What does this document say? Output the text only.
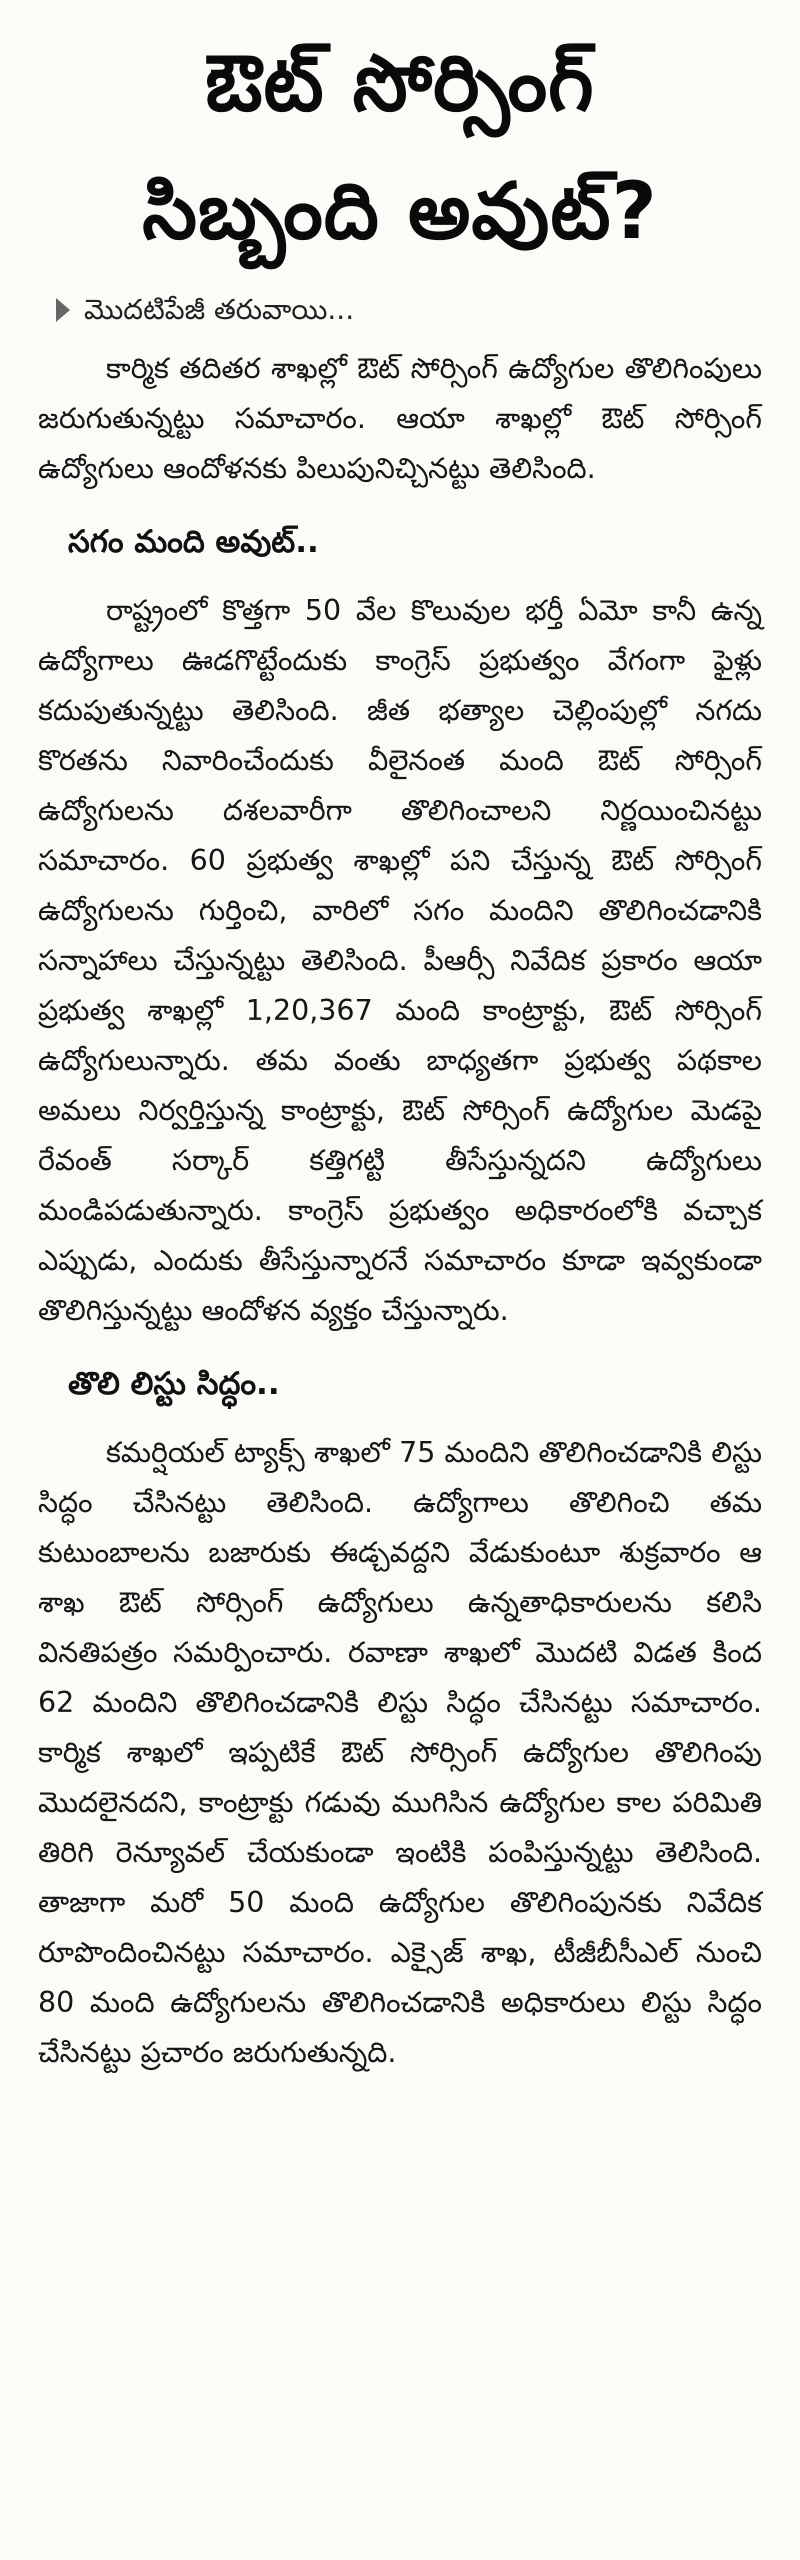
ఔట్ సోర్సింగ్
సిబ్బంది అవుట్?
మొదటిపేజీ తరువాయి...

కార్మిక తదితర శాఖల్లో ఔట్ సోర్సింగ్ ఉద్యోగుల తొలిగింపులు జరుగుతున్నట్టు సమాచారం. ఆయా శాఖల్లో ఔట్ సోర్సింగ్ ఉద్యోగులు ఆందోళనకు పిలుపునిచ్చినట్టు తెలిసింది.

సగం మంది అవుట్..

రాష్ట్రంలో కొత్తగా 50 వేల కొలువుల భర్తీ ఏమో కానీ ఉన్న ఉద్యోగాలు ఊడగొట్టేందుకు కాంగ్రెస్ ప్రభుత్వం వేగంగా ఫైళ్లు కదుపుతున్నట్టు తెలిసింది. జీత భత్యాల చెల్లింపుల్లో నగదు కొరతను నివారించేందుకు వీలైనంత మంది ఔట్ సోర్సింగ్ ఉద్యోగులను దశలవారీగా తొలిగించాలని నిర్ణయించినట్టు సమాచారం. 60 ప్రభుత్వ శాఖల్లో పని చేస్తున్న ఔట్ సోర్సింగ్ ఉద్యోగులను గుర్తించి, వారిలో సగం మందిని తొలిగించడానికి సన్నాహాలు చేస్తున్నట్టు తెలిసింది. పీఆర్సీ నివేదిక ప్రకారం ఆయా ప్రభుత్వ శాఖల్లో 1,20,367 మంది కాంట్రాక్టు, ఔట్ సోర్సింగ్ ఉద్యోగులున్నారు. తమ వంతు బాధ్యతగా ప్రభుత్వ పథకాల అమలు నిర్వర్తిస్తున్న కాంట్రాక్టు, ఔట్ సోర్సింగ్ ఉద్యోగుల మెడపై రేవంత్ సర్కార్ కత్తిగట్టి తీసేస్తున్నదని ఉద్యోగులు మండిపడుతున్నారు. కాంగ్రెస్ ప్రభుత్వం అధికారంలోకి వచ్చాక ఎప్పుడు, ఎందుకు తీసేస్తున్నారనే సమాచారం కూడా ఇవ్వకుండా తొలిగిస్తున్నట్టు ఆందోళన వ్యక్తం చేస్తున్నారు.

తొలి లిస్టు సిద్ధం..

కమర్షియల్ ట్యాక్స్ శాఖలో 75 మందిని తొలిగించడానికి లిస్టు సిద్ధం చేసినట్టు తెలిసింది. ఉద్యోగాలు తొలిగించి తమ కుటుంబాలను బజారుకు ఈడ్చవద్దని వేడుకుంటూ శుక్రవారం ఆ శాఖ ఔట్ సోర్సింగ్ ఉద్యోగులు ఉన్నతాధికారులను కలిసి వినతిపత్రం సమర్పించారు. రవాణా శాఖలో మొదటి విడత కింద 62 మందిని తొలిగించడానికి లిస్టు సిద్ధం చేసినట్టు సమాచారం. కార్మిక శాఖలో ఇప్పటికే ఔట్ సోర్సింగ్ ఉద్యోగుల తొలిగింపు మొదలైనదని, కాంట్రాక్టు గడువు ముగిసిన ఉద్యోగుల కాల పరిమితి తిరిగి రెన్యూవల్ చేయకుండా ఇంటికి పంపిస్తున్నట్టు తెలిసింది. తాజాగా మరో 50 మంది ఉద్యోగుల తొలిగింపునకు నివేదిక రూపొందించినట్టు సమాచారం. ఎక్సైజ్ శాఖ, టీజీబీసీఎల్ నుంచి 80 మంది ఉద్యోగులను తొలిగించడానికి అధికారులు లిస్టు సిద్ధం చేసినట్టు ప్రచారం జరుగుతున్నది.
